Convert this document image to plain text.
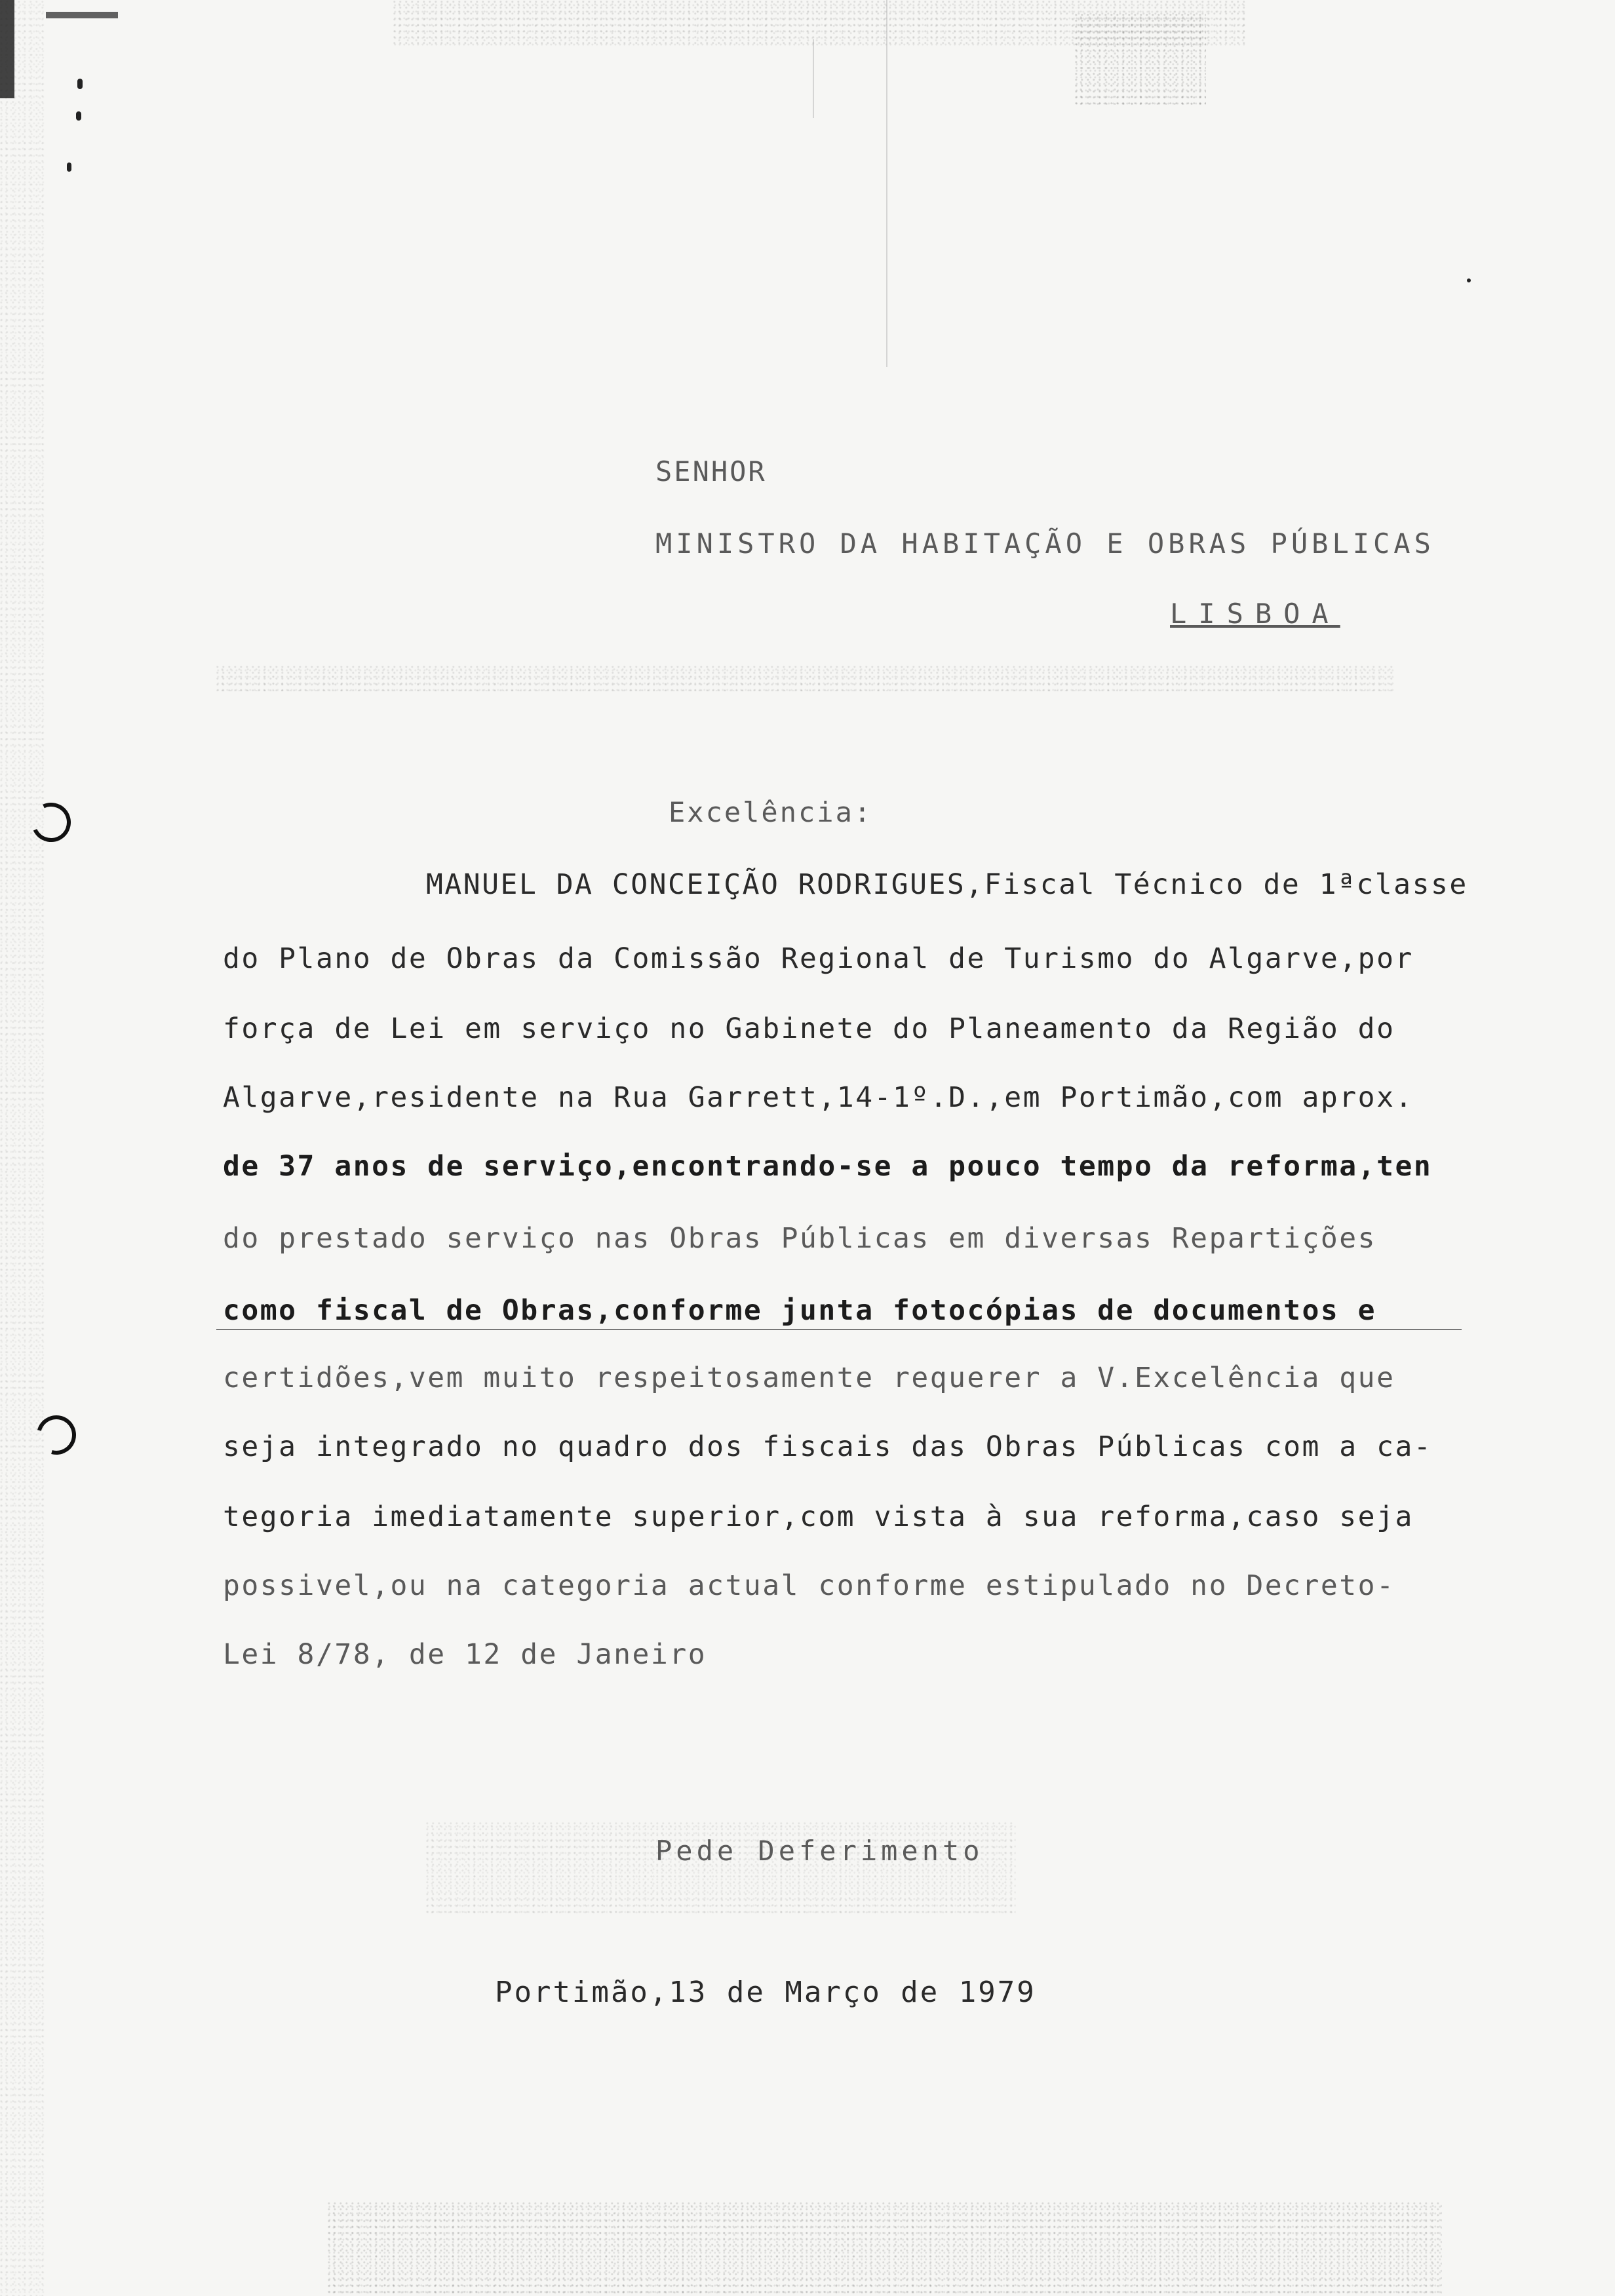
SENHOR
MINISTRO DA HABITAÇÃO E OBRAS PÚBLICAS
LISBOA
Excelência:
MANUEL DA CONCEIÇÃO RODRIGUES,Fiscal Técnico de 1ªclasse
do Plano de Obras da Comissão Regional de Turismo do Algarve,por
força de Lei em serviço no Gabinete do Planeamento da Região do
Algarve,residente na Rua Garrett,14-1º.D.,em Portimão,com aprox.
de 37 anos de serviço,encontrando-se a pouco tempo da reforma,ten
do prestado serviço nas Obras Públicas em diversas Repartições
como fiscal de Obras,conforme junta fotocópias de documentos e
certidões,vem muito respeitosamente requerer a V.Excelência que
seja integrado no quadro dos fiscais das Obras Públicas com a ca-
tegoria imediatamente superior,com vista à sua reforma,caso seja
possivel,ou na categoria actual conforme estipulado no Decreto-
Lei 8/78, de 12 de Janeiro
Pede Deferimento
Portimão,13 de Março de 1979
